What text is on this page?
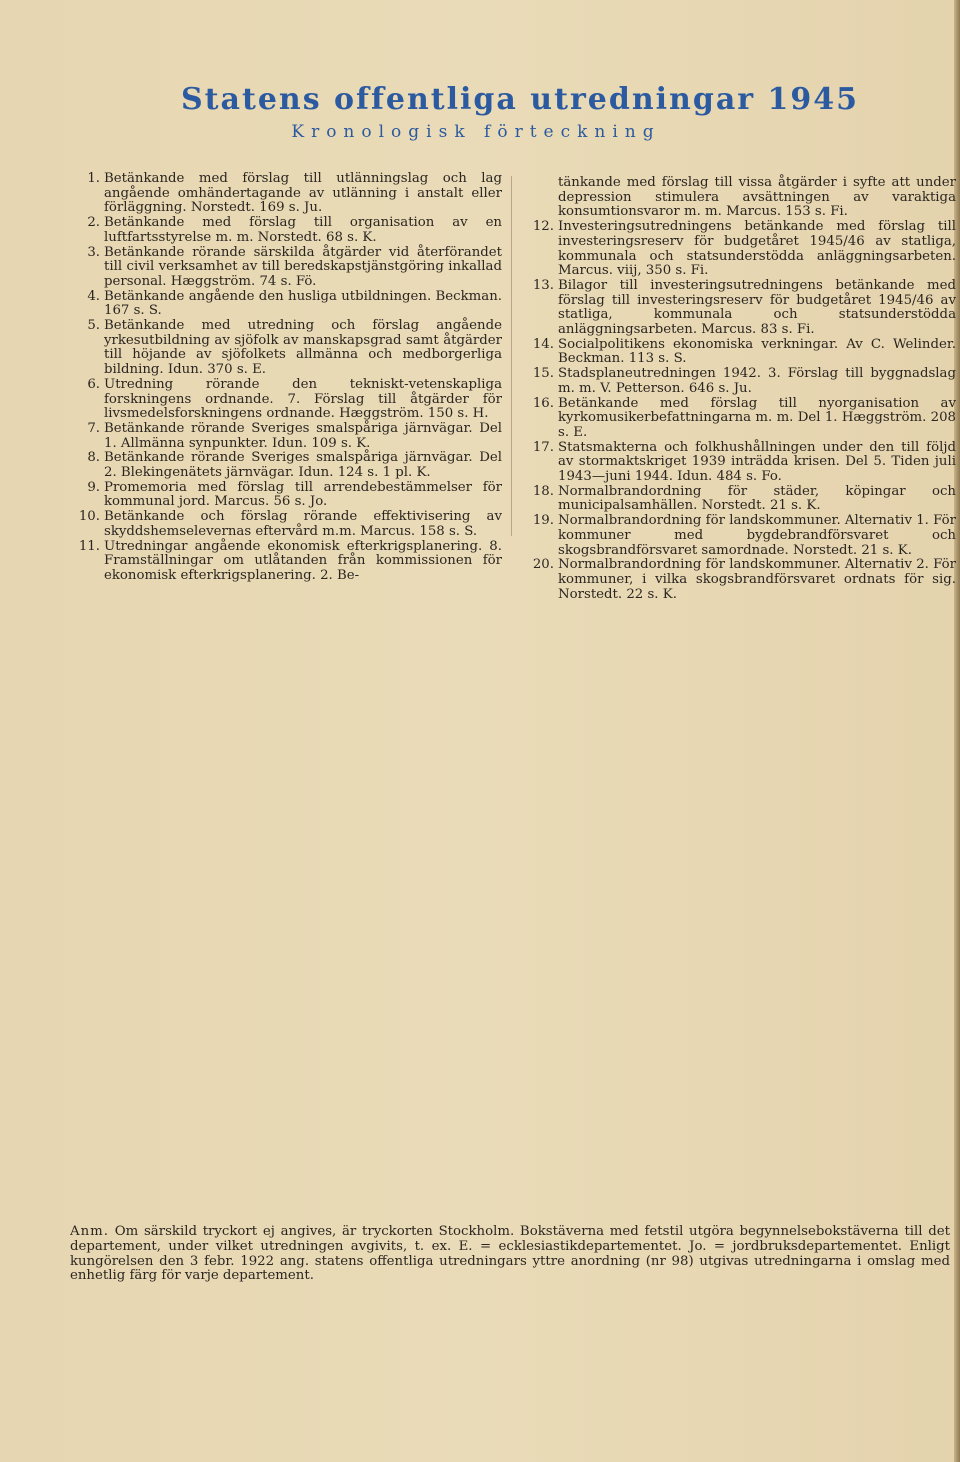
Statens offentliga utredningar 1945
Kronologisk förteckning
1. Betänkande med förslag till utlänningslag och lag angående omhändertagande av utlänning i anstalt eller förläggning. Norstedt. 169 s. Ju.
2. Betänkande med förslag till organisation av en luftfartsstyrelse m. m. Norstedt. 68 s. K.
3. Betänkande rörande särskilda åtgärder vid återförandet till civil verksamhet av till beredskapstjänstgöring inkallad personal. Hæggström. 74 s. Fö.
4. Betänkande angående den husliga utbildningen. Beckman. 167 s. S.
5. Betänkande med utredning och förslag angående yrkesutbildning av sjöfolk av manskapsgrad samt åtgärder till höjande av sjöfolkets allmänna och medborgerliga bildning. Idun. 370 s. E.
6. Utredning rörande den tekniskt-vetenskapliga forskningens ordnande. 7. Förslag till åtgärder för livsmedelsforskningens ordnande. Hæggström. 150 s. H.
7. Betänkande rörande Sveriges smalspåriga järnvägar. Del 1. Allmänna synpunkter. Idun. 109 s. K.
8. Betänkande rörande Sveriges smalspåriga järnvägar. Del 2. Blekingenätets järnvägar. Idun. 124 s. 1 pl. K.
9. Promemoria med förslag till arrendebestämmelser för kommunal jord. Marcus. 56 s. Jo.
10. Betänkande och förslag rörande effektivisering av skyddshemselevernas eftervård m.m. Marcus. 158 s. S.
11. Utredningar angående ekonomisk efterkrigsplanering. 8. Framställningar om utlåtanden från kommissionen för ekonomisk efterkrigsplanering. 2. Be-
tänkande med förslag till vissa åtgärder i syfte att under depression stimulera avsättningen av varaktiga konsumtionsvaror m. m. Marcus. 153 s. Fi.
12. Investeringsutredningens betänkande med förslag till investeringsreserv för budgetåret 1945/46 av statliga, kommunala och statsunderstödda anläggningsarbeten. Marcus. viij, 350 s. Fi.
13. Bilagor till investeringsutredningens betänkande med förslag till investeringsreserv för budgetåret 1945/46 av statliga, kommunala och statsunderstödda anläggningsarbeten. Marcus. 83 s. Fi.
14. Socialpolitikens ekonomiska verkningar. Av C. Welinder. Beckman. 113 s. S.
15. Stadsplaneutredningen 1942. 3. Förslag till byggnadslag m. m. V. Petterson. 646 s. Ju.
16. Betänkande med förslag till nyorganisation av kyrkomusikerbefattningarna m. m. Del 1. Hæggström. 208 s. E.
17. Statsmakterna och folkhushållningen under den till följd av stormaktskriget 1939 inträdda krisen. Del 5. Tiden juli 1943—juni 1944. Idun. 484 s. Fo.
18. Normalbrandordning för städer, köpingar och municipalsamhällen. Norstedt. 21 s. K.
19. Normalbrandordning för landskommuner. Alternativ 1. För kommuner med bygdebrandförsvaret och skogsbrandförsvaret samordnade. Norstedt. 21 s. K.
20. Normalbrandordning för landskommuner. Alternativ 2. För kommuner, i vilka skogsbrandförsvaret ordnats för sig. Norstedt. 22 s. K.
Anm. Om särskild tryckort ej angives, är tryckorten Stockholm. Bokstäverna med fetstil utgöra begynnelsebokstäverna till det departement, under vilket utredningen avgivits, t. ex. E. = ecklesiastikdepartementet. Jo. = jordbruksdepartementet. Enligt kungörelsen den 3 febr. 1922 ang. statens offentliga utredningars yttre anordning (nr 98) utgivas utredningarna i omslag med enhetlig färg för varje departement.
